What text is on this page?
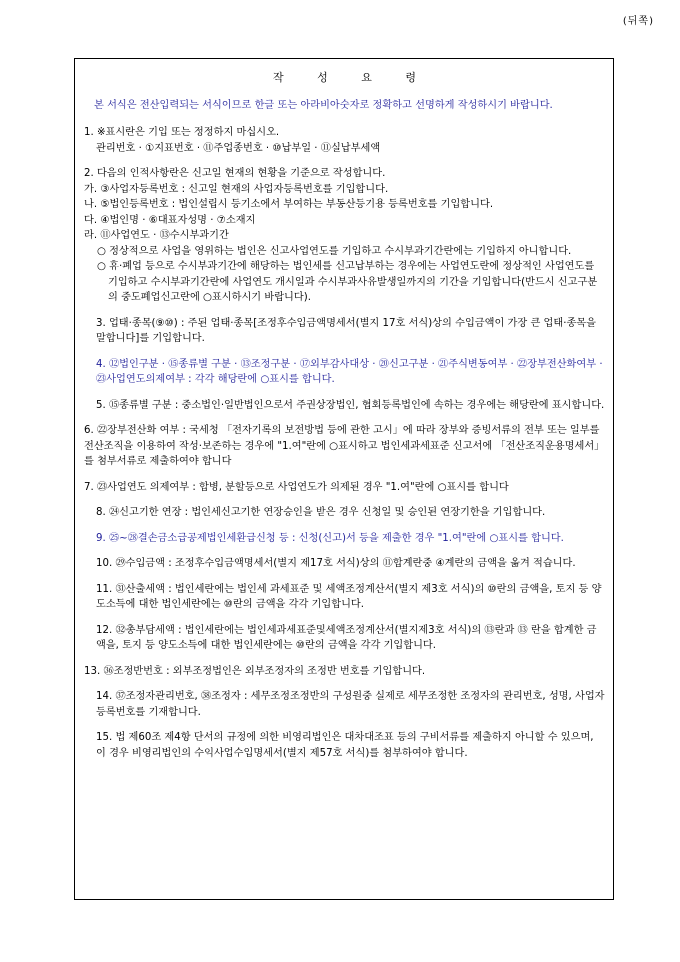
(뒤쪽)
작 성 요 령
본 서식은 전산입력되는 서식이므로 한글 또는 아라비아숫자로 정확하고 선명하게 작성하시기 바랍니다.
1. ※표시란은 기입 또는 정정하지 마십시오.
관리번호 · ①지표번호 · ⑪주업종번호 · ⑩납부일 · ⑪실납부세액
2. 다음의 인적사항란은 신고일 현재의 현황을 기준으로 작성합니다.
가. ③사업자등록번호 : 신고일 현재의 사업자등록번호를 기입합니다.
나. ⑤법인등록번호 : 법인설립시 등기소에서 부여하는 부동산등기용 등록번호를 기입합니다.
다. ④법인명 · ⑥대표자성명 · ⑦소재지
라. ⑪사업연도 · ⑬수시부과기간
○ 정상적으로 사업을 영위하는 법인은 신고사업연도를 기입하고 수시부과기간란에는 기입하지 아니합니다.
○ 휴·폐업 등으로 수시부과기간에 해당하는 법인세를 신고납부하는 경우에는 사업연도란에 정상적인 사업연도를 기입하고 수시부과기간란에 사업연도 개시일과 수시부과사유발생일까지의 기간을 기입합니다(반드시 신고구분의 중도폐업신고란에 ○표시하시기 바랍니다).
3. 업태·종목(⑨⑩) : 주된 업태·종목[조정후수입금액명세서(별지 17호 서식)상의 수입금액이 가장 큰 업태·종목을 말합니다]를 기입합니다.
4. ⑫법인구분 · ⑮종류별 구분 · ⑬조정구분 · ⑰외부감사대상 · ⑳신고구분 · ㉑주식변동여부 · ㉒장부전산화여부 · ㉓사업연도의제여부 : 각각 해당란에 ○표시를 합니다.
5. ⑮종류별 구분 : 중소법인·일반법인으로서 주권상장법인, 협회등록법인에 속하는 경우에는 해당란에 표시합니다.
6. ㉒장부전산화 여부 : 국세청 「전자기록의 보전방법 등에 관한 고시」에 따라 장부와 증빙서류의 전부 또는 일부를 전산조직을 이용하여 작성·보존하는 경우에 "1.여"란에 ○표시하고 법인세과세표준 신고서에 「전산조직운용명세서」를 첨부서류로 제출하여야 합니다
7. ㉓사업연도 의제여부 : 합병, 분할등으로 사업연도가 의제된 경우 "1.여"란에 ○표시를 합니다
8. ㉔신고기한 연장 : 법인세신고기한 연장승인을 받은 경우 신청일 및 승인된 연장기한을 기입합니다.
9. ㉕~㉘결손금소급공제법인세환급신청 등 : 신청(신고)서 등을 제출한 경우 "1.여"란에 ○표시를 합니다.
10. ㉙수입금액 : 조정후수입금액명세서(별지 제17호 서식)상의 ⑪합계란중 ④계란의 금액을 옮겨 적습니다.
11. ㉛산출세액 : 법인세란에는 법인세 과세표준 및 세액조정계산서(별지 제3호 서식)의 ⑩란의 금액을, 토지 등 양도소득에 대한 법인세란에는 ⑩란의 금액을 각각 기입합니다.
12. ㉜총부담세액 : 법인세란에는 법인세과세표준및세액조정계산서(별지제3호 서식)의 ⑬란과 ⑬ 란을 합계한 금액을, 토지 등 양도소득에 대한 법인세란에는 ⑩란의 금액을 각각 기입합니다.
13. ㊱조정반번호 : 외부조정법인은 외부조정자의 조정반 번호를 기입합니다.
14. ㊲조정자관리번호, ㊳조정자 : 세무조정조정반의 구성원중 실제로 세무조정한 조정자의 관리번호, 성명, 사업자등록번호를 기재합니다.
15. 법 제60조 제4항 단서의 규정에 의한 비영리법인은 대차대조표 등의 구비서류를 제출하지 아니할 수 있으며, 이 경우 비영리법인의 수익사업수입명세서(별지 제57호 서식)를 첨부하여야 합니다.
